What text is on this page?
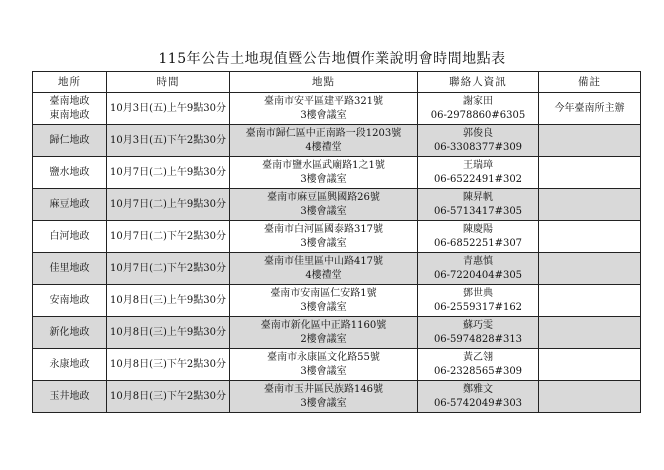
115年公告土地現值暨公告地價作業說明會時間地點表
地所	時間	地點	聯絡人資訊	備註

臺南地政
東南地政	10月3日(五)上午9點30分	臺南市安平區建平路321號
3樓會議室	謝家田
06-2978860#6305	今年臺南所主辦

歸仁地政	10月3日(五)下午2點30分	臺南市歸仁區中正南路一段1203號
4樓禮堂	郭俊良
06-3308377#309	

鹽水地政	10月7日(二)上午9點30分	臺南市鹽水區武廟路1之1號
3樓會議室	王瑞璋
06-6522491#302	

麻豆地政	10月7日(二)上午9點30分	臺南市麻豆區興國路26號
3樓會議室	陳昇帆
06-5713417#305	

白河地政	10月7日(二)下午2點30分	臺南市白河區國泰路317號
3樓會議室	陳慶陽
06-6852251#307	

佳里地政	10月7日(二)下午2點30分	臺南市佳里區中山路417號
4樓禮堂	青惠慎
06-7220404#305	

安南地政	10月8日(三)上午9點30分	臺南市安南區仁安路1號
3樓會議室	鄧世典
06-2559317#162	

新化地政	10月8日(三)上午9點30分	臺南市新化區中正路1160號
2樓會議室	蘇巧雯
06-5974828#313	

永康地政	10月8日(三)下午2點30分	臺南市永康區文化路55號
3樓會議室	黃乙翎
06-2328565#309	

玉井地政	10月8日(三)下午2點30分	臺南市玉井區民族路146號
3樓會議室	鄭雅文
06-5742049#303	
